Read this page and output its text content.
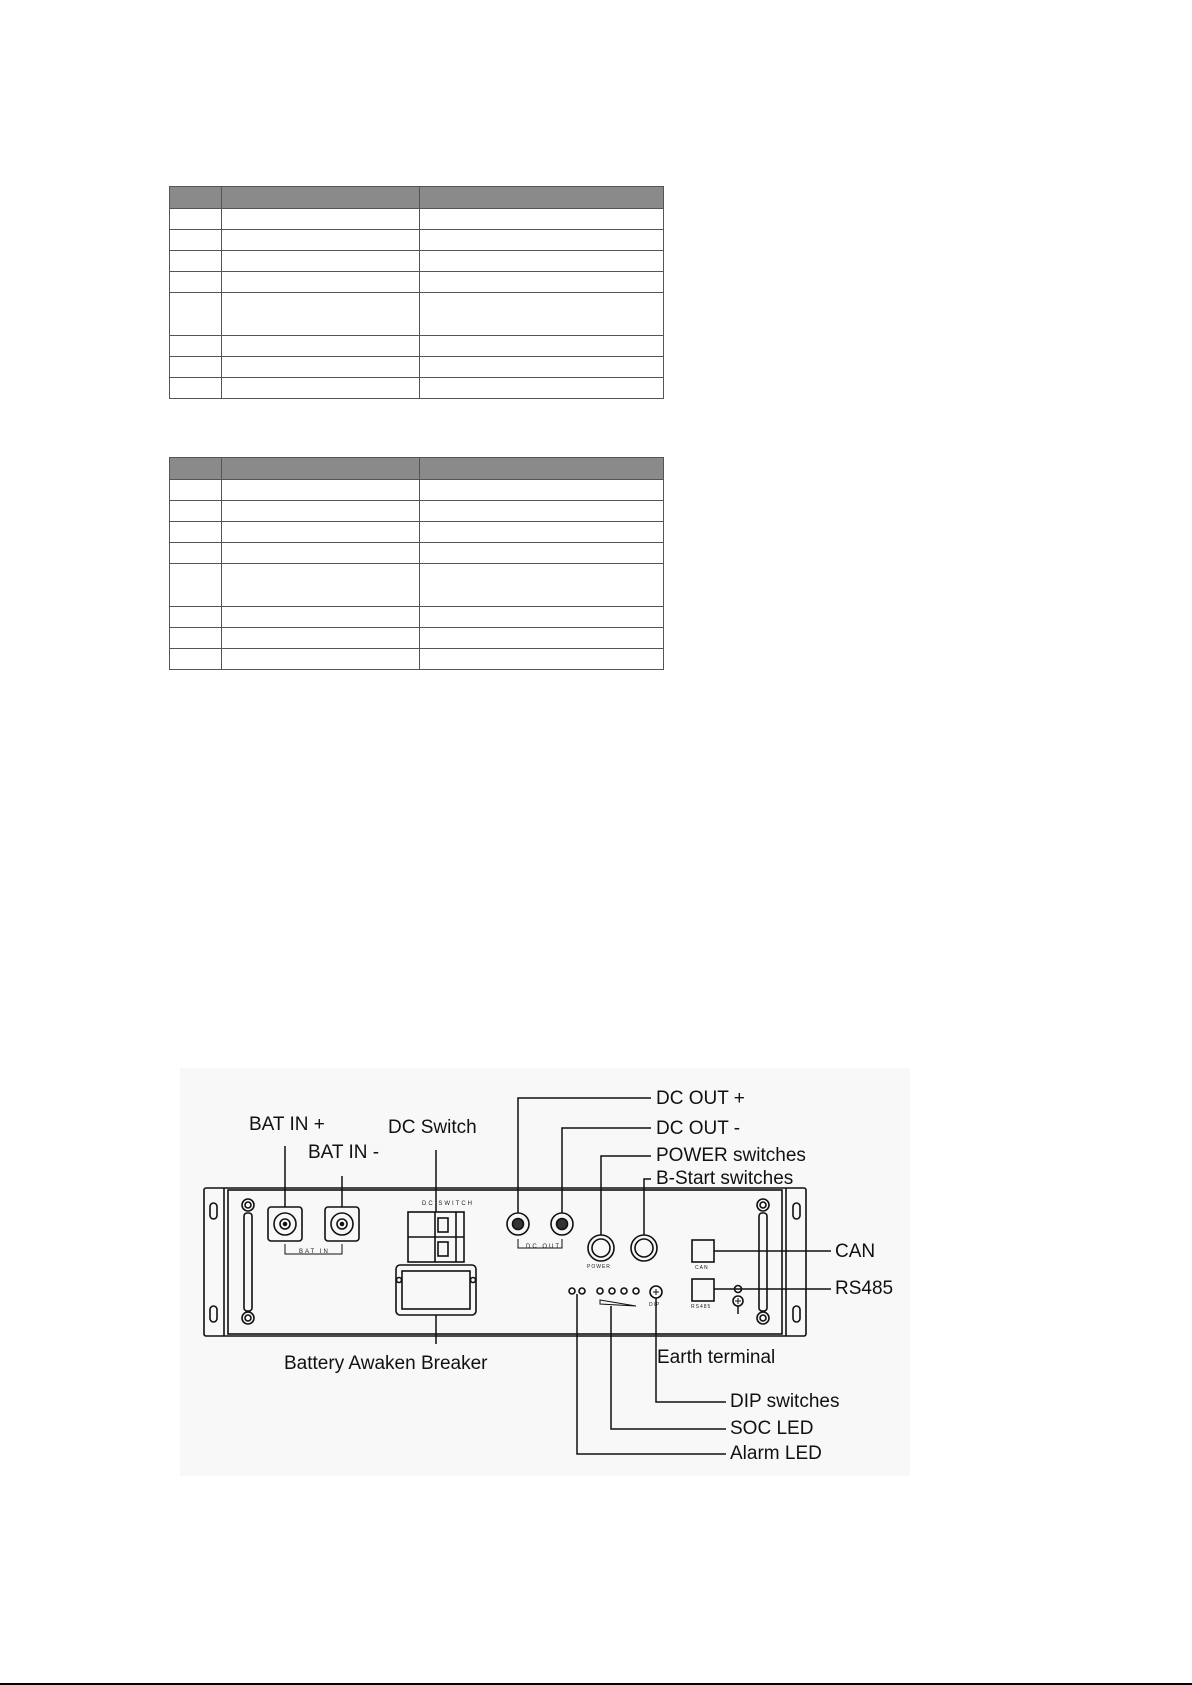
DC SWITCH
BAT IN
DC OUT
POWER	CAN
RS485
DIP
BAT IN +
BAT IN -
DC Switch
DC OUT +
DC OUT -
POWER switches
B-Start switches
CAN
RS485
Earth terminal
Battery Awaken Breaker
DIP switches
SOC LED
Alarm LED
